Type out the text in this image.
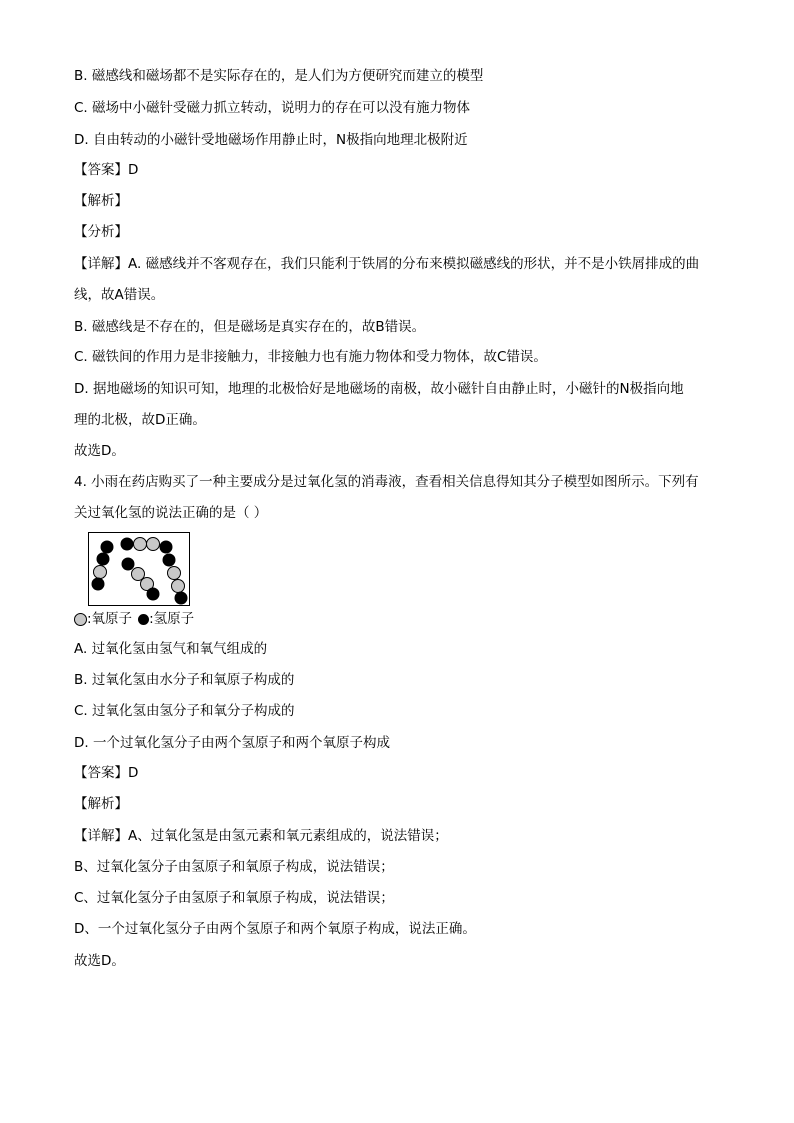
B. 磁感线和磁场都不是实际存在的，是人们为方便研究而建立的模型
C. 磁场中小磁针受磁力抓立转动，说明力的存在可以没有施力物体
D. 自由转动的小磁针受地磁场作用静止时，N极指向地理北极附近
【答案】D
【解析】
【分析】
【详解】A. 磁感线并不客观存在，我们只能利于铁屑的分布来模拟磁感线的形状，并不是小铁屑排成的曲
线，故A错误。
B. 磁感线是不存在的，但是磁场是真实存在的，故B错误。
C. 磁铁间的作用力是非接触力，非接触力也有施力物体和受力物体，故C错误。
D. 据地磁场的知识可知，地理的北极恰好是地磁场的南极，故小磁针自由静止时，小磁针的N极指向地
理的北极，故D正确。
故选D。
4. 小雨在药店购买了一种主要成分是过氧化氢的消毒液，查看相关信息得知其分子模型如图所示。下列有
关过氧化氢的说法正确的是（ ）
:氧原子 :氢原子
A. 过氧化氢由氢气和氧气组成的
B. 过氧化氢由水分子和氧原子构成的
C. 过氧化氢由氢分子和氧分子构成的
D. 一个过氧化氢分子由两个氢原子和两个氧原子构成
【答案】D
【解析】
【详解】A、过氧化氢是由氢元素和氧元素组成的，说法错误；
B、过氧化氢分子由氢原子和氧原子构成，说法错误；
C、过氧化氢分子由氢原子和氧原子构成，说法错误；
D、一个过氧化氢分子由两个氢原子和两个氧原子构成，说法正确。
故选D。
